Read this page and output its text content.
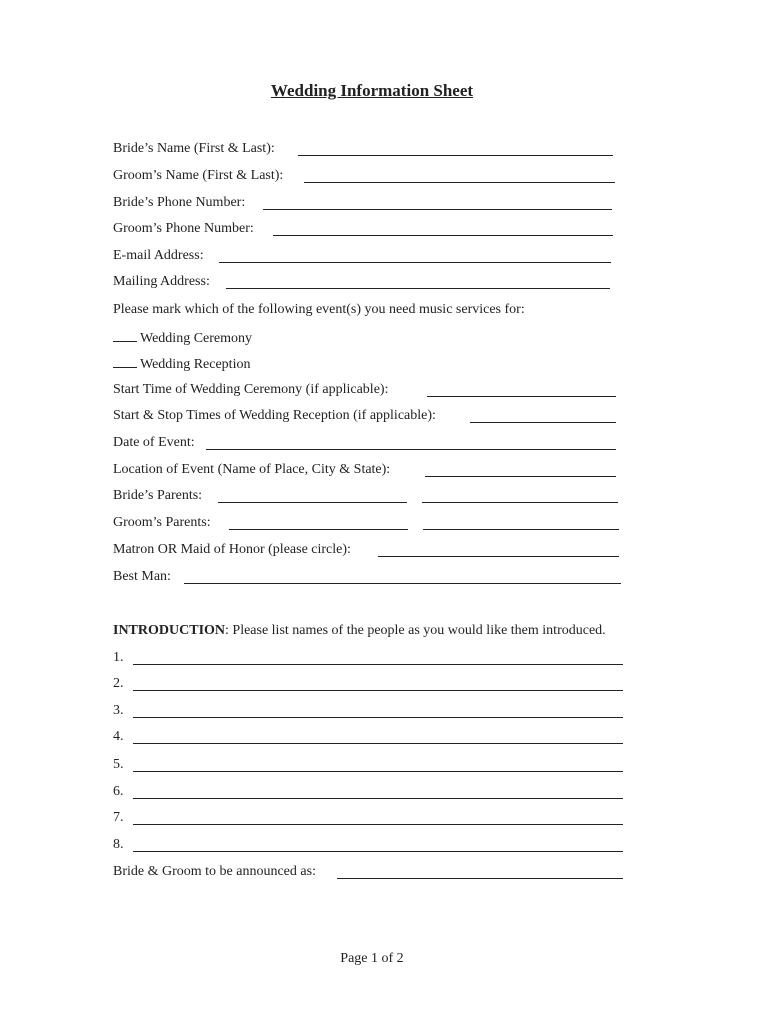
Wedding Information Sheet
Bride’s Name (First & Last):
Groom’s Name (First & Last):
Bride’s Phone Number:
Groom’s Phone Number:
E-mail Address:
Mailing Address:
Please mark which of the following event(s) you need music services for:
Wedding Ceremony
Wedding Reception
Start Time of Wedding Ceremony (if applicable):
Start & Stop Times of Wedding Reception (if applicable):
Date of Event:
Location of Event (Name of Place, City & State):
Bride’s Parents:
Groom’s Parents:
Matron OR Maid of Honor (please circle):
Best Man:
INTRODUCTION: Please list names of the people as you would like them introduced.
1.
2.
3.
4.
5.
6.
7.
8.
Bride & Groom to be announced as:
Page 1 of 2
